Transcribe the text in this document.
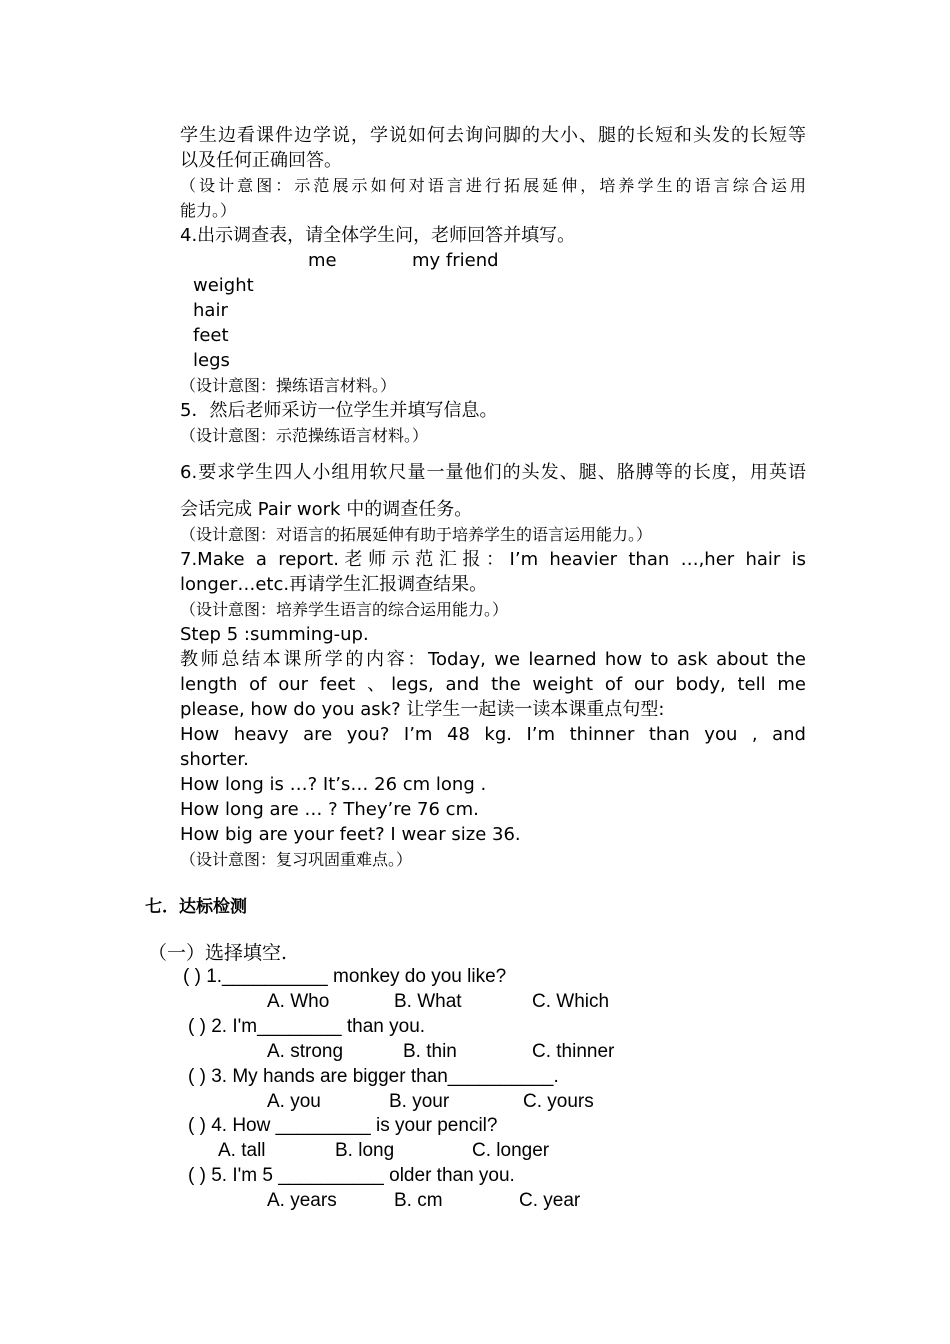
学生边看课件边学说，学说如何去询问脚的大小、腿的长短和头发的长短等
以及任何正确回答。
（设计意图：示范展示如何对语言进行拓展延伸，培养学生的语言综合运用
能力。）
4.出示调查表，请全体学生问，老师回答并填写。
me	my friend
weight
hair
feet
legs
（设计意图：操练语言材料。）
5．然后老师采访一位学生并填写信息。
（设计意图：示范操练语言材料。）
6.要求学生四人小组用软尺量一量他们的头发、腿、胳膊等的长度，用英语
会话完成 Pair work 中的调查任务。
（设计意图：对语言的拓展延伸有助于培养学生的语言运用能力。）
7.Make a report.老师示范汇报：I’m heavier than …,her hair is
longer…etc.再请学生汇报调查结果。
（设计意图：培养学生语言的综合运用能力。）
Step 5 :summing-up.
教师总结本课所学的内容：Today, we learned how to ask about the
length of our feet 、legs, and the weight of our body, tell me
please, how do you ask? 让学生一起读一读本课重点句型:
How heavy are you? I’m 48 kg. I’m thinner than you , and
shorter.
How long is …? It’s… 26 cm long .
How long are … ? They’re 76 cm.
How big are your feet? I wear size 36.
（设计意图：复习巩固重难点。）
七．达标检测
（一）选择填空.
( ) 1.__________ monkey do you like?
A. Who	B. What	C. Which
( ) 2. I'm________ than you.
A. strong	B. thin	C. thinner
( ) 3. My hands are bigger than__________.
A. you	B. your	C. yours
( ) 4. How _________ is your pencil?
A. tall	B. long	C. longer
( ) 5. I'm 5 __________ older than you.
A. years	B. cm	C. year
